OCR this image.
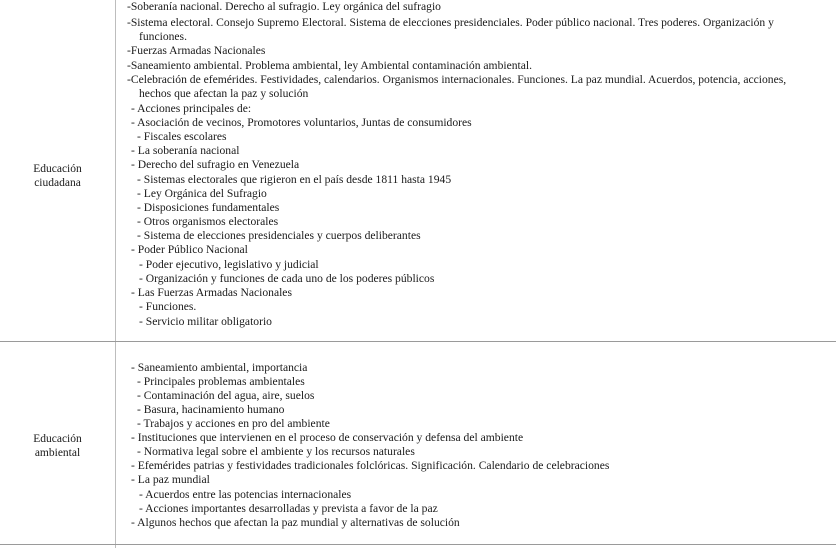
Educación
ciudadana
Educación
ambiental
-Soberanía nacional. Derecho al sufragio. Ley orgánica del sufragio
-Sistema electoral. Consejo Supremo Electoral. Sistema de elecciones presidenciales. Poder público nacional. Tres poderes. Organización y
funciones.
-Fuerzas Armadas Nacionales
-Saneamiento ambiental. Problema ambiental, ley Ambiental contaminación ambiental.
-Celebración de efemérides. Festividades, calendarios. Organismos internacionales. Funciones. La paz mundial. Acuerdos, potencia, acciones,
hechos que afectan la paz y solución
- Acciones principales de:
- Asociación de vecinos, Promotores voluntarios, Juntas de consumidores
- Fiscales escolares
- La soberanía nacional
- Derecho del sufragio en Venezuela
- Sistemas electorales que rigieron en el país desde 1811 hasta 1945
- Ley Orgánica del Sufragio
- Disposiciones fundamentales
- Otros organismos electorales
- Sistema de elecciones presidenciales y cuerpos deliberantes
- Poder Público Nacional
- Poder ejecutivo, legislativo y judicial
- Organización y funciones de cada uno de los poderes públicos
- Las Fuerzas Armadas Nacionales
- Funciones.
- Servicio militar obligatorio
- Saneamiento ambiental, importancia
- Principales problemas ambientales
- Contaminación del agua, aire, suelos
- Basura, hacinamiento humano
- Trabajos y acciones en pro del ambiente
- Instituciones que intervienen en el proceso de conservación y defensa del ambiente
- Normativa legal sobre el ambiente y los recursos naturales
- Efemérides patrias y festividades tradicionales folclóricas. Significación. Calendario de celebraciones
- La paz mundial
- Acuerdos entre las potencias internacionales
- Acciones importantes desarrolladas y prevista a favor de la paz
- Algunos hechos que afectan la paz mundial y alternativas de solución
